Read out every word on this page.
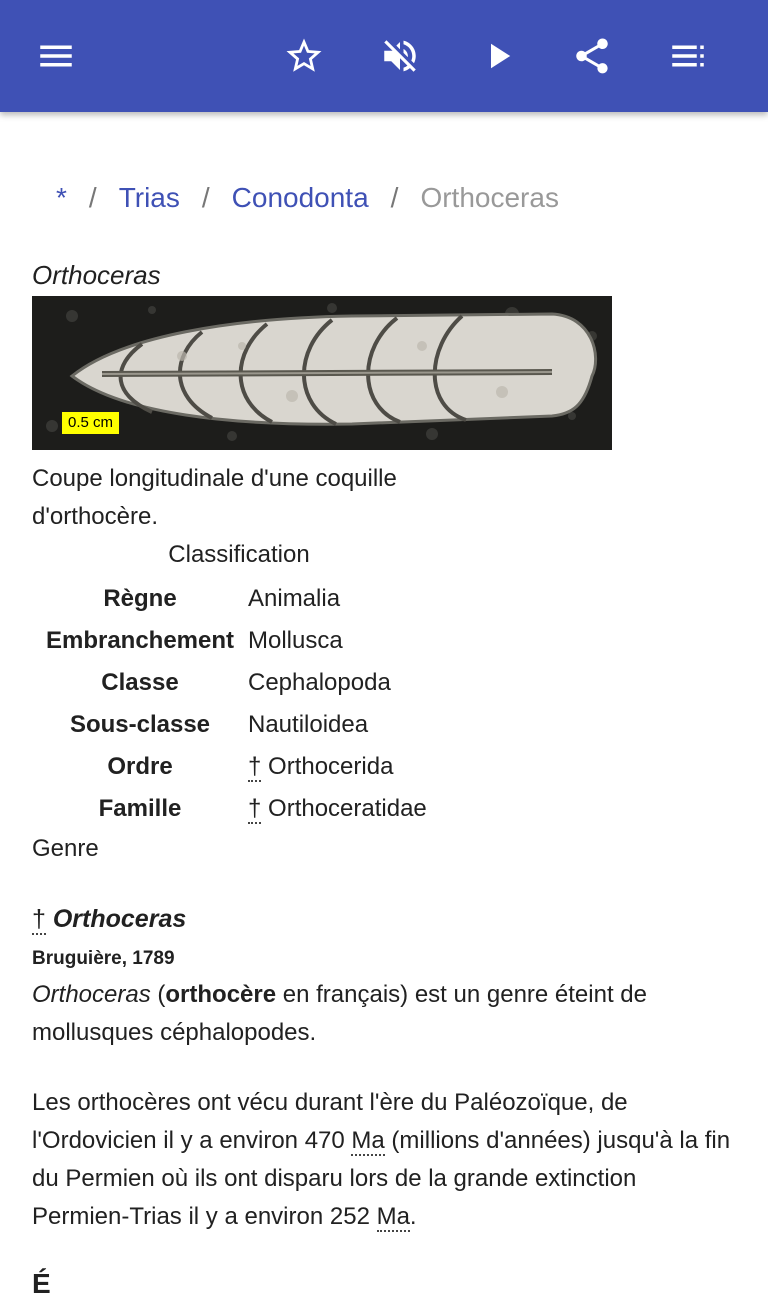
* / Trias / Conodonta / Orthoceras
Orthoceras
0.5 cm
Coupe longitudinale d'une coquille d'orthocère.
Classification
Règne	Animalia
Embranchement Mollusca
Classe	Cephalopoda
Sous-classe	Nautiloidea
Ordre	† Orthocerida
Famille	† Orthoceratidae
Genre
† Orthoceras
Bruguière, 1789
Orthoceras (orthocère en français) est un genre éteint de mollusques céphalopodes.
Les orthocères ont vécu durant l'ère du Paléozoïque, de l'Ordovicien il y a environ 470 Ma (millions d'années) jusqu'à la fin du Permien où ils ont disparu lors de la grande extinction Permien-Trias il y a environ 252 Ma.
É
